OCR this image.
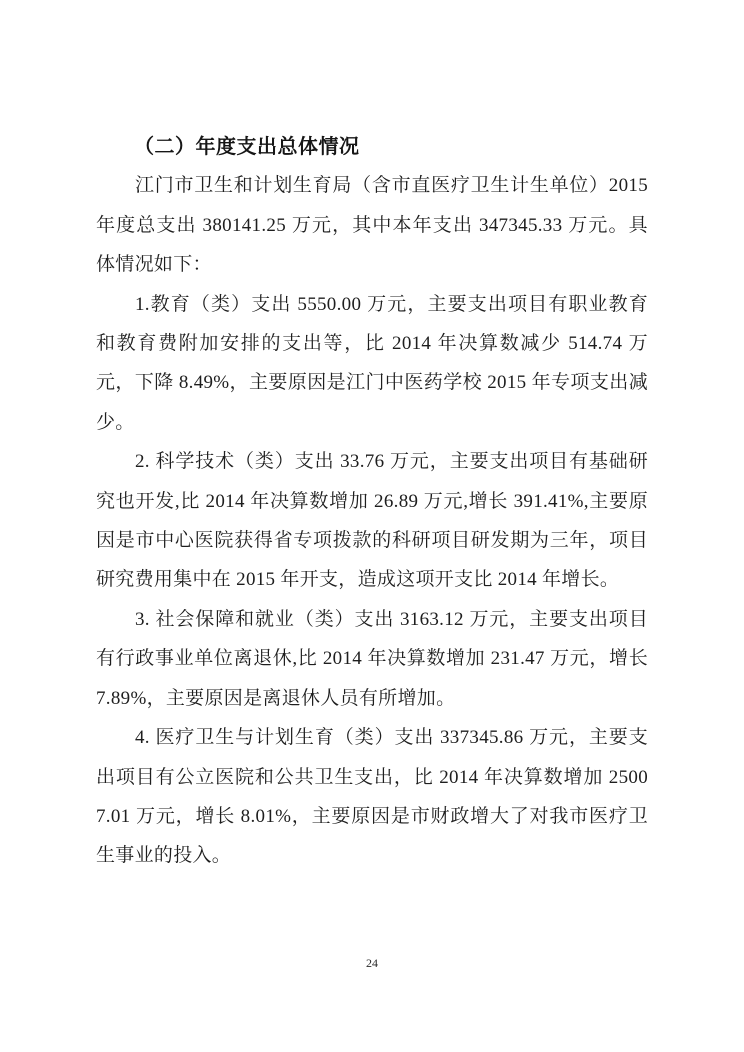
（二）年度支出总体情况

江门市卫生和计划生育局（含市直医疗卫生计生单位）2015 年度总支出 380141.25 万元，其中本年支出 347345.33 万元。具体情况如下：

1.教育（类）支出 5550.00 万元，主要支出项目有职业教育和教育费附加安排的支出等，比 2014 年决算数减少 514.74 万元，下降 8.49%，主要原因是江门中医药学校 2015 年专项支出减少。

2. 科学技术（类）支出 33.76 万元，主要支出项目有基础研究也开发,比 2014 年决算数增加 26.89 万元,增长 391.41%,主要原因是市中心医院获得省专项拨款的科研项目研发期为三年，项目研究费用集中在 2015 年开支，造成这项开支比 2014 年增长。

3. 社会保障和就业（类）支出 3163.12 万元，主要支出项目有行政事业单位离退休,比 2014 年决算数增加 231.47 万元，增长 7.89%，主要原因是离退休人员有所增加。

4. 医疗卫生与计划生育（类）支出 337345.86 万元，主要支出项目有公立医院和公共卫生支出，比 2014 年决算数增加 25007.01 万元，增长 8.01%，主要原因是市财政增大了对我市医疗卫生事业的投入。

24
